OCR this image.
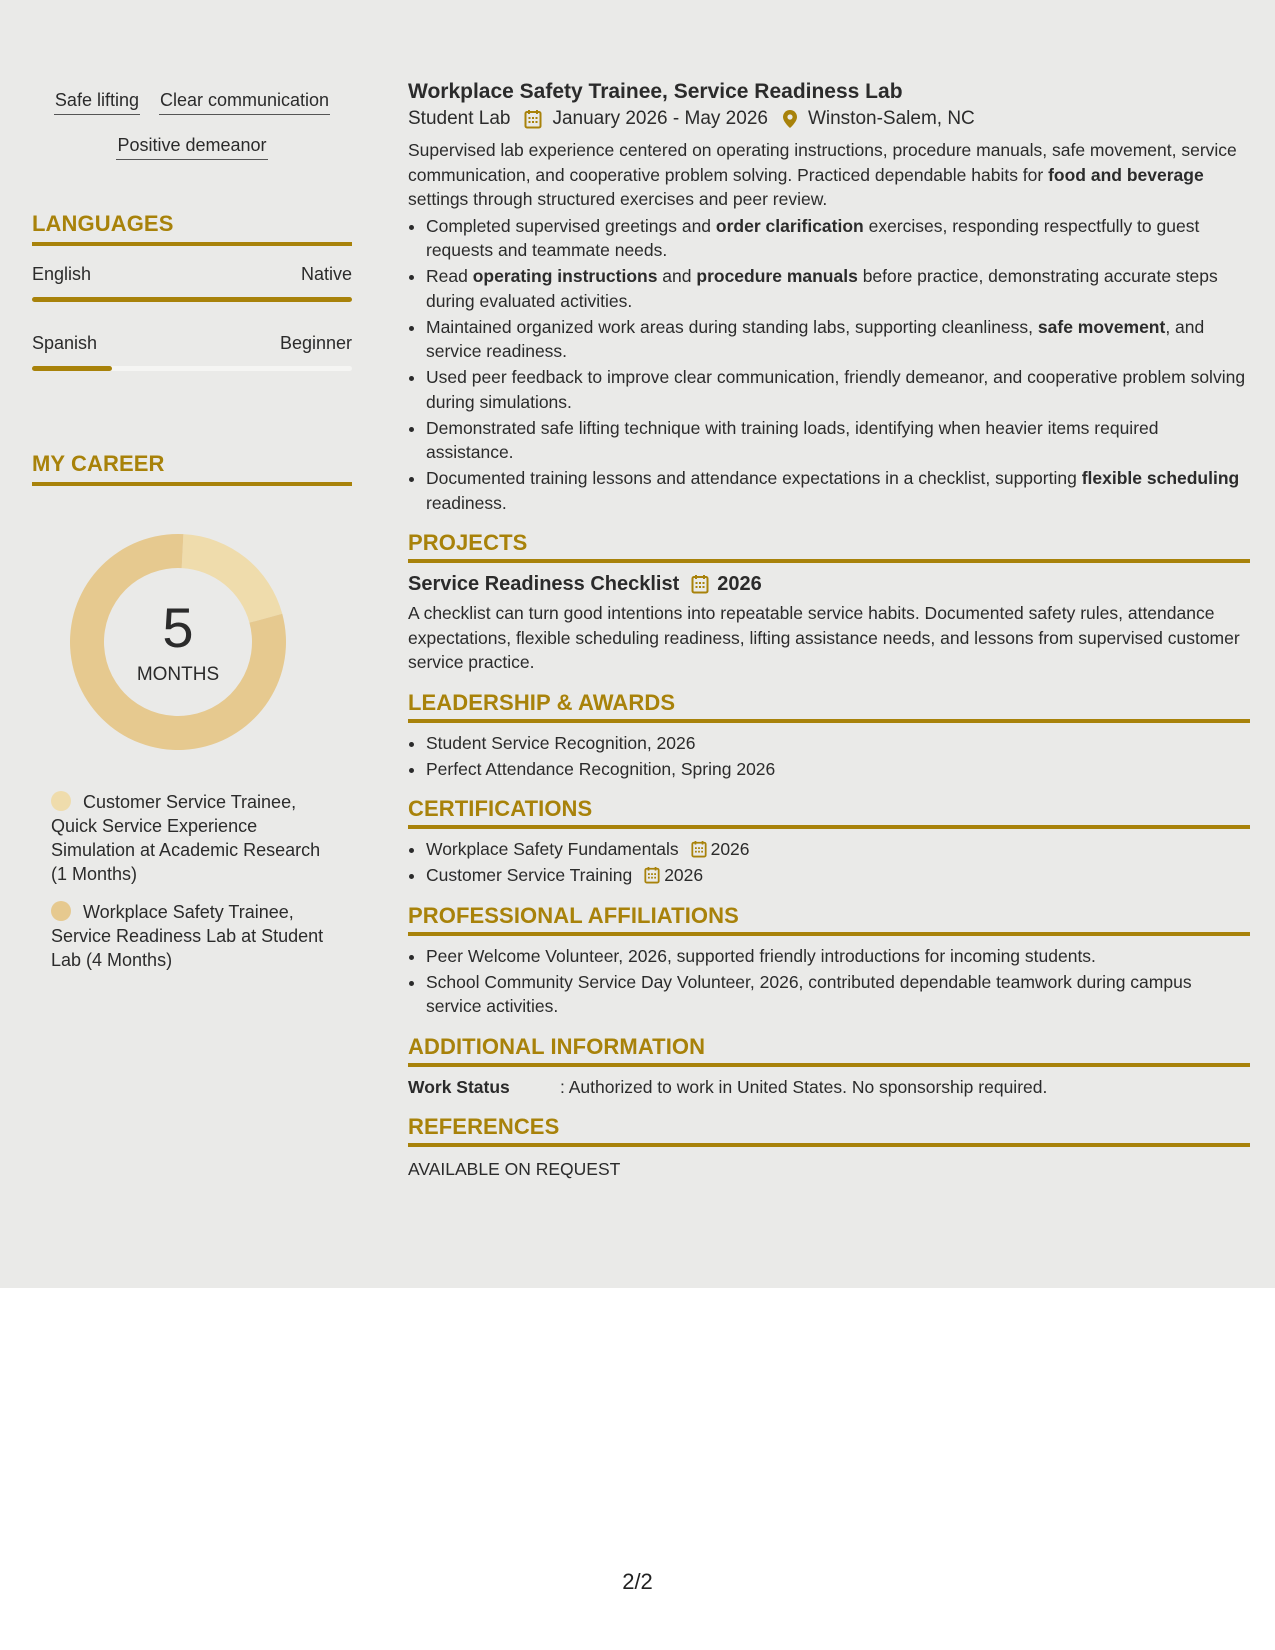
Safe lifting Clear communication
Positive demeanor
LANGUAGES
English	Native
Spanish	Beginner
MY CAREER
5
MONTHS
Customer Service Trainee, Quick Service Experience Simulation at Academic Research (1 Months)
Workplace Safety Trainee, Service Readiness Lab at Student Lab (4 Months)
Workplace Safety Trainee, Service Readiness Lab
Student Lab January 2026 - May 2026 Winston-Salem, NC
Supervised lab experience centered on operating instructions, procedure manuals, safe movement, service communication, and cooperative problem solving. Practiced dependable habits for food and beverage settings through structured exercises and peer review.
• Completed supervised greetings and order clarification exercises, responding respectfully to guest requests and teammate needs.
• Read operating instructions and procedure manuals before practice, demonstrating accurate steps during evaluated activities.
• Maintained organized work areas during standing labs, supporting cleanliness, safe movement, and service readiness.
• Used peer feedback to improve clear communication, friendly demeanor, and cooperative problem solving during simulations.
• Demonstrated safe lifting technique with training loads, identifying when heavier items required assistance.
• Documented training lessons and attendance expectations in a checklist, supporting flexible scheduling readiness.
PROJECTS
Service Readiness Checklist 2026
A checklist can turn good intentions into repeatable service habits. Documented safety rules, attendance expectations, flexible scheduling readiness, lifting assistance needs, and lessons from supervised customer service practice.
LEADERSHIP & AWARDS
• Student Service Recognition, 2026
• Perfect Attendance Recognition, Spring 2026
CERTIFICATIONS
• Workplace Safety Fundamentals 2026
• Customer Service Training 2026
PROFESSIONAL AFFILIATIONS
• Peer Welcome Volunteer, 2026, supported friendly introductions for incoming students.
• School Community Service Day Volunteer, 2026, contributed dependable teamwork during campus service activities.
ADDITIONAL INFORMATION
Work Status	: Authorized to work in United States. No sponsorship required.
REFERENCES
AVAILABLE ON REQUEST
2/2
